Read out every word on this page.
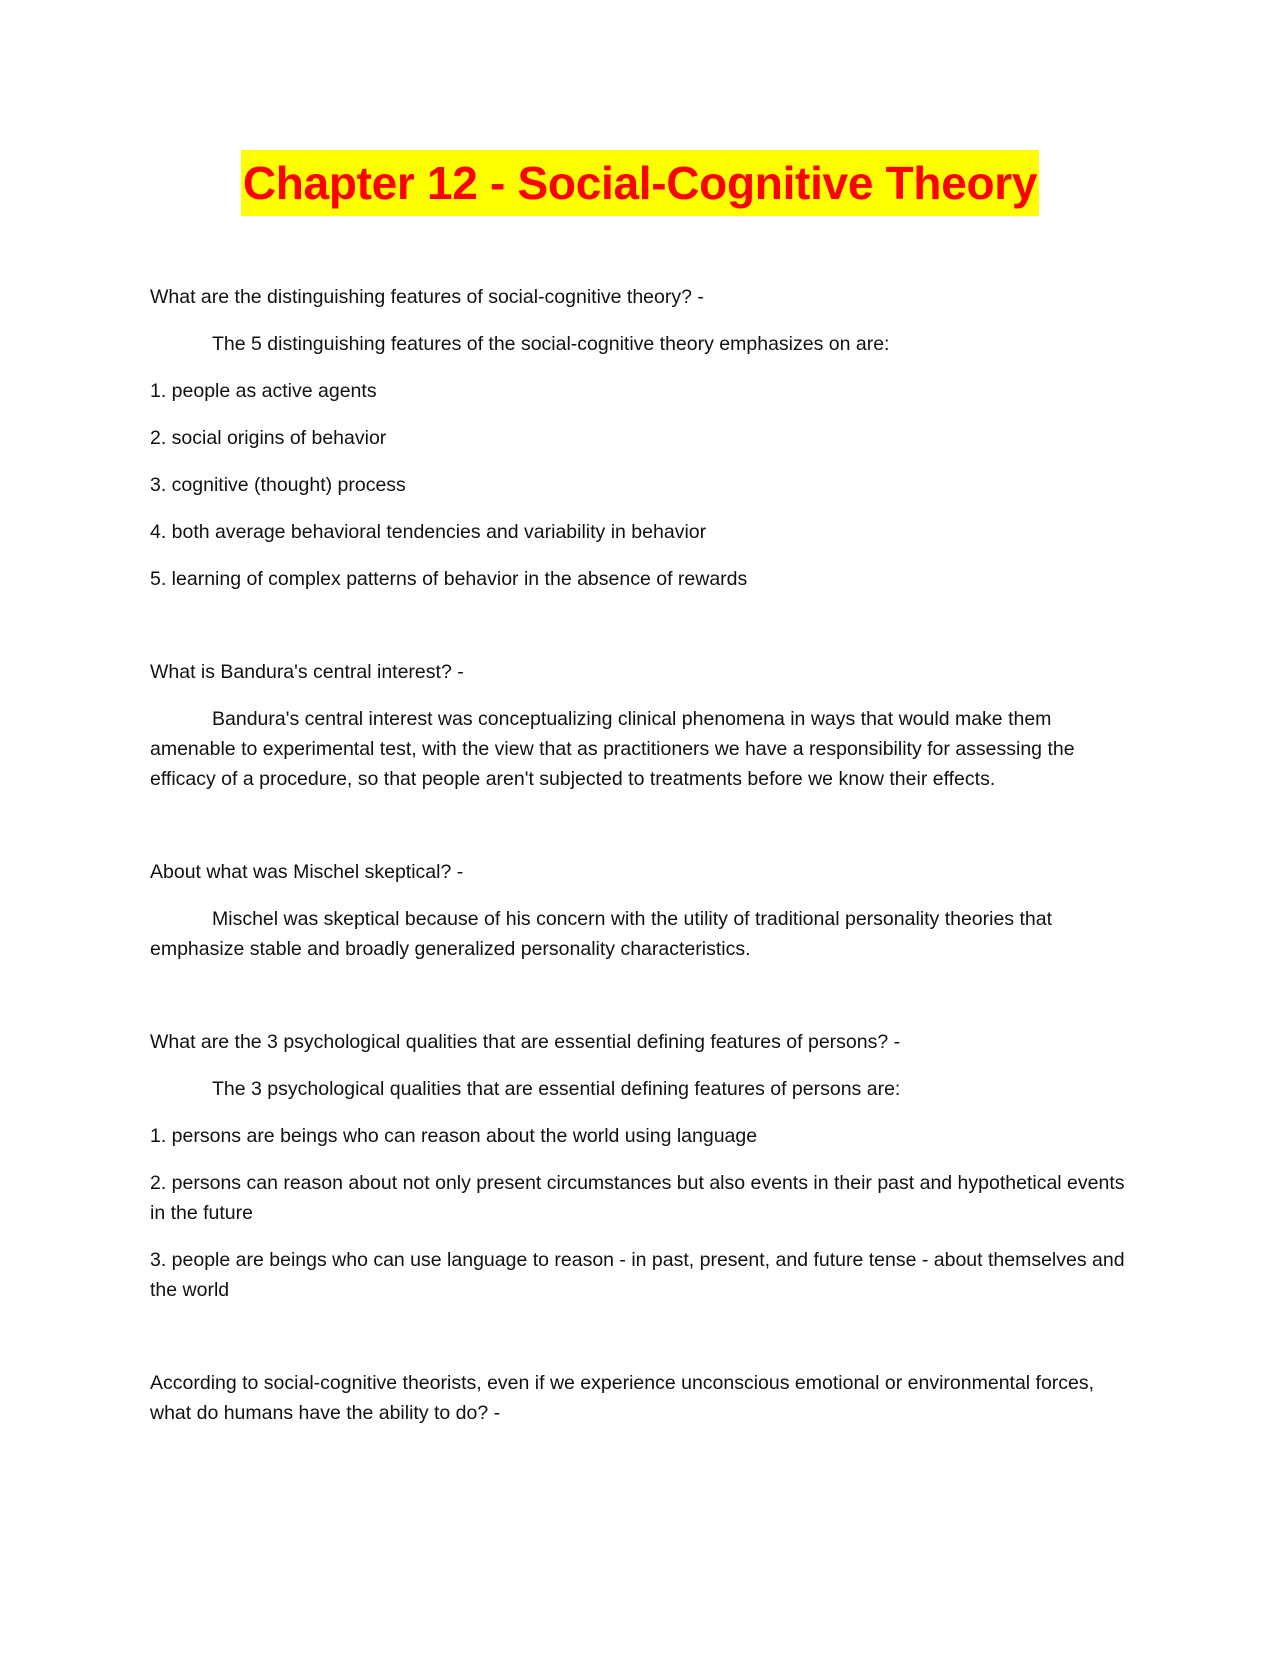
Chapter 12 - Social-Cognitive Theory

What are the distinguishing features of social-cognitive theory? -

The 5 distinguishing features of the social-cognitive theory emphasizes on are:

1. people as active agents

2. social origins of behavior

3. cognitive (thought) process

4. both average behavioral tendencies and variability in behavior

5. learning of complex patterns of behavior in the absence of rewards

What is Bandura's central interest? -

Bandura's central interest was conceptualizing clinical phenomena in ways that would make them amenable to experimental test, with the view that as practitioners we have a responsibility for assessing the efficacy of a procedure, so that people aren't subjected to treatments before we know their effects.

About what was Mischel skeptical? -

Mischel was skeptical because of his concern with the utility of traditional personality theories that emphasize stable and broadly generalized personality characteristics.

What are the 3 psychological qualities that are essential defining features of persons? -

The 3 psychological qualities that are essential defining features of persons are:

1. persons are beings who can reason about the world using language

2. persons can reason about not only present circumstances but also events in their past and hypothetical events in the future

3. people are beings who can use language to reason - in past, present, and future tense - about themselves and the world

According to social-cognitive theorists, even if we experience unconscious emotional or environmental forces, what do humans have the ability to do? -
